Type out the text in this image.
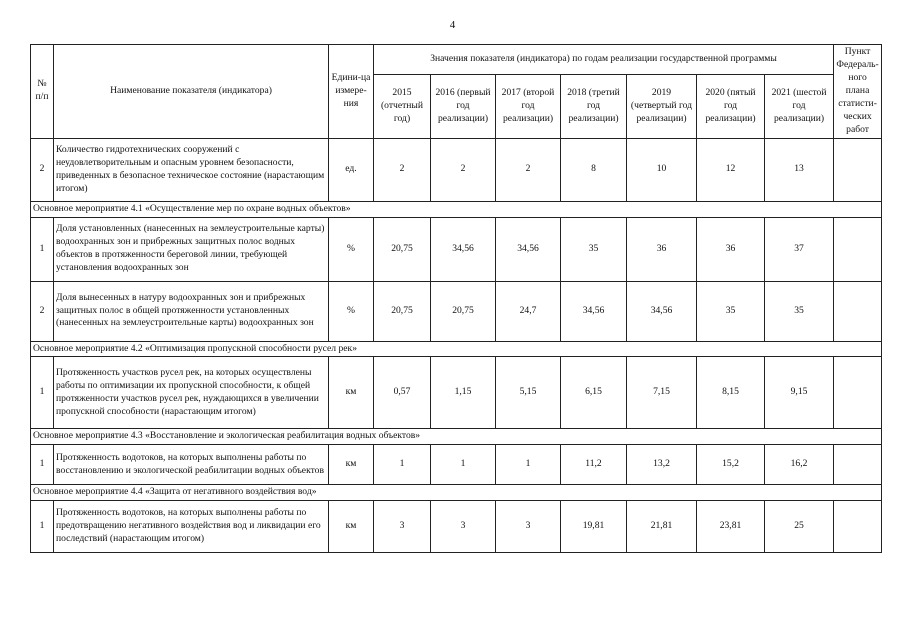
4
№ п/п	Наименование показателя (индикатора)	Едини-ца измере-ния	Значения показателя (индикатора) по годам реализации государственной программы							Пункт Федераль-ного плана статисти-ческих работ
			2015 (отчетный год)	2016 (первый год реализации)	2017 (второй год реализации)	2018 (третий год реализации)	2019 (четвертый год реализации)	2020 (пятый год реализации)	2021 (шестой год реализации)	
2	Количество гидротехнических сооружений с неудовлетворительным и опасным уровнем безопасности, приведенных в безопасное техническое состояние (нарастающим итогом)	ед.	2	2	2	8	10	12	13	
Основное мероприятие 4.1 «Осуществление мер по охране водных объектов»										
1	Доля установленных (нанесенных на землеустроительные карты) водоохранных зон и прибрежных защитных полос водных объектов в протяженности береговой линии, требующей установления водоохранных зон	%	20,75	34,56	34,56	35	36	36	37	
2	Доля вынесенных в натуру водоохранных зон и прибрежных защитных полос в общей протяженности установленных (нанесенных на землеустроительные карты) водоохранных зон	%	20,75	20,75	24,7	34,56	34,56	35	35	
Основное мероприятие 4.2 «Оптимизация пропускной способности русел рек»										
1	Протяженность участков русел рек, на которых осуществлены работы по оптимизации их пропускной способности, к общей протяженности участков русел рек, нуждающихся в увеличении пропускной способности (нарастающим итогом)	км	0,57	1,15	5,15	6,15	7,15	8,15	9,15	
Основное мероприятие 4.3 «Восстановление и экологическая реабилитация водных объектов»										
1	Протяженность водотоков, на которых выполнены работы по восстановлению и экологической реабилитации водных объектов	км	1	1	1	11,2	13,2	15,2	16,2	
Основное мероприятие 4.4 «Защита от негативного воздействия вод»										
1	Протяженность водотоков, на которых выполнены работы по предотвращению негативного воздействия вод и ликвидации его последствий (нарастающим итогом)	км	3	3	3	19,81	21,81	23,81	25	
